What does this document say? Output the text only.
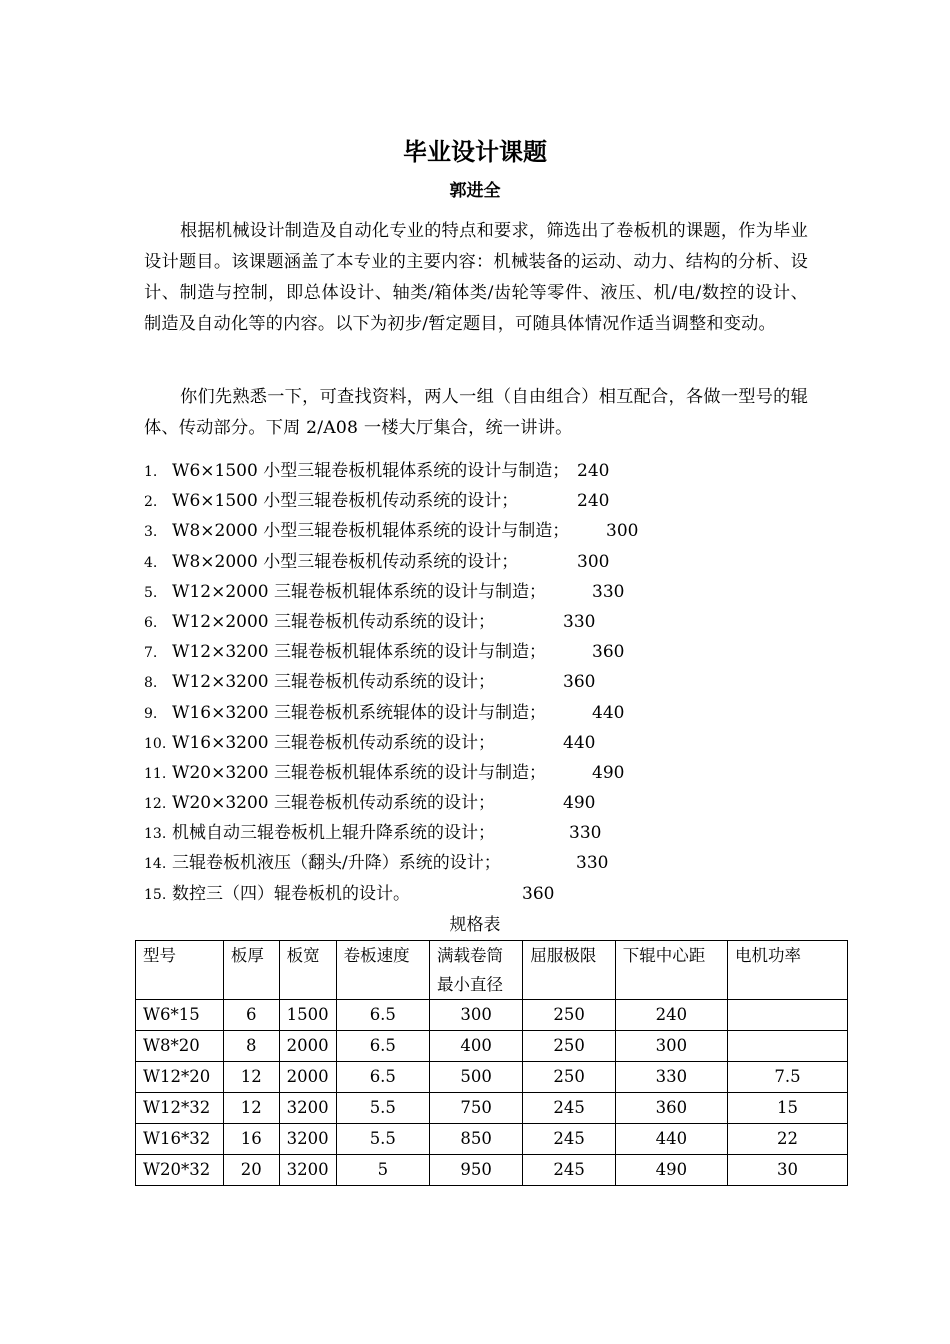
毕业设计课题
郭进全

根据机械设计制造及自动化专业的特点和要求，筛选出了卷板机的课题，作为毕业设计题目。该课题涵盖了本专业的主要内容：机械装备的运动、动力、结构的分析、设计、制造与控制，即总体设计、轴类/箱体类/齿轮等零件、液压、机/电/数控的设计、制造及自动化等的内容。以下为初步/暂定题目，可随具体情况作适当调整和变动。

你们先熟悉一下，可查找资料，两人一组（自由组合）相互配合，各做一型号的辊体、传动部分。下周 2/A08 一楼大厅集合，统一讲讲。

1. W6×1500 小型三辊卷板机辊体系统的设计与制造； 240
2. W6×1500 小型三辊卷板机传动系统的设计；	240
3. W8×2000 小型三辊卷板机辊体系统的设计与制造； 300
4. W8×2000 小型三辊卷板机传动系统的设计；	300
5. W12×2000 三辊卷板机辊体系统的设计与制造；	330
6. W12×2000 三辊卷板机传动系统的设计；	330
7. W12×3200 三辊卷板机辊体系统的设计与制造；	360
8. W12×3200 三辊卷板机传动系统的设计；	360
9. W16×3200 三辊卷板机系统辊体的设计与制造；	440
10. W16×3200 三辊卷板机传动系统的设计；	440
11. W20×3200 三辊卷板机辊体系统的设计与制造；	490
12. W20×3200 三辊卷板机传动系统的设计；	490
13. 机械自动三辊卷板机上辊升降系统的设计；	330
14. 三辊卷板机液压（翻头/升降）系统的设计；	330
15. 数控三（四）辊卷板机的设计。	360
规格表
型号	板厚	板宽	卷板速度	满载卷筒最小直径	屈服极限	下辊中心距	电机功率
W6*15	6	1500	6.5	300	250	240	
W8*20	8	2000	6.5	400	250	300	
W12*20	12	2000	6.5	500	250	330	7.5
W12*32	12	3200	5.5	750	245	360	15
W16*32	16	3200	5.5	850	245	440	22
W20*32	20	3200	5	950	245	490	30
